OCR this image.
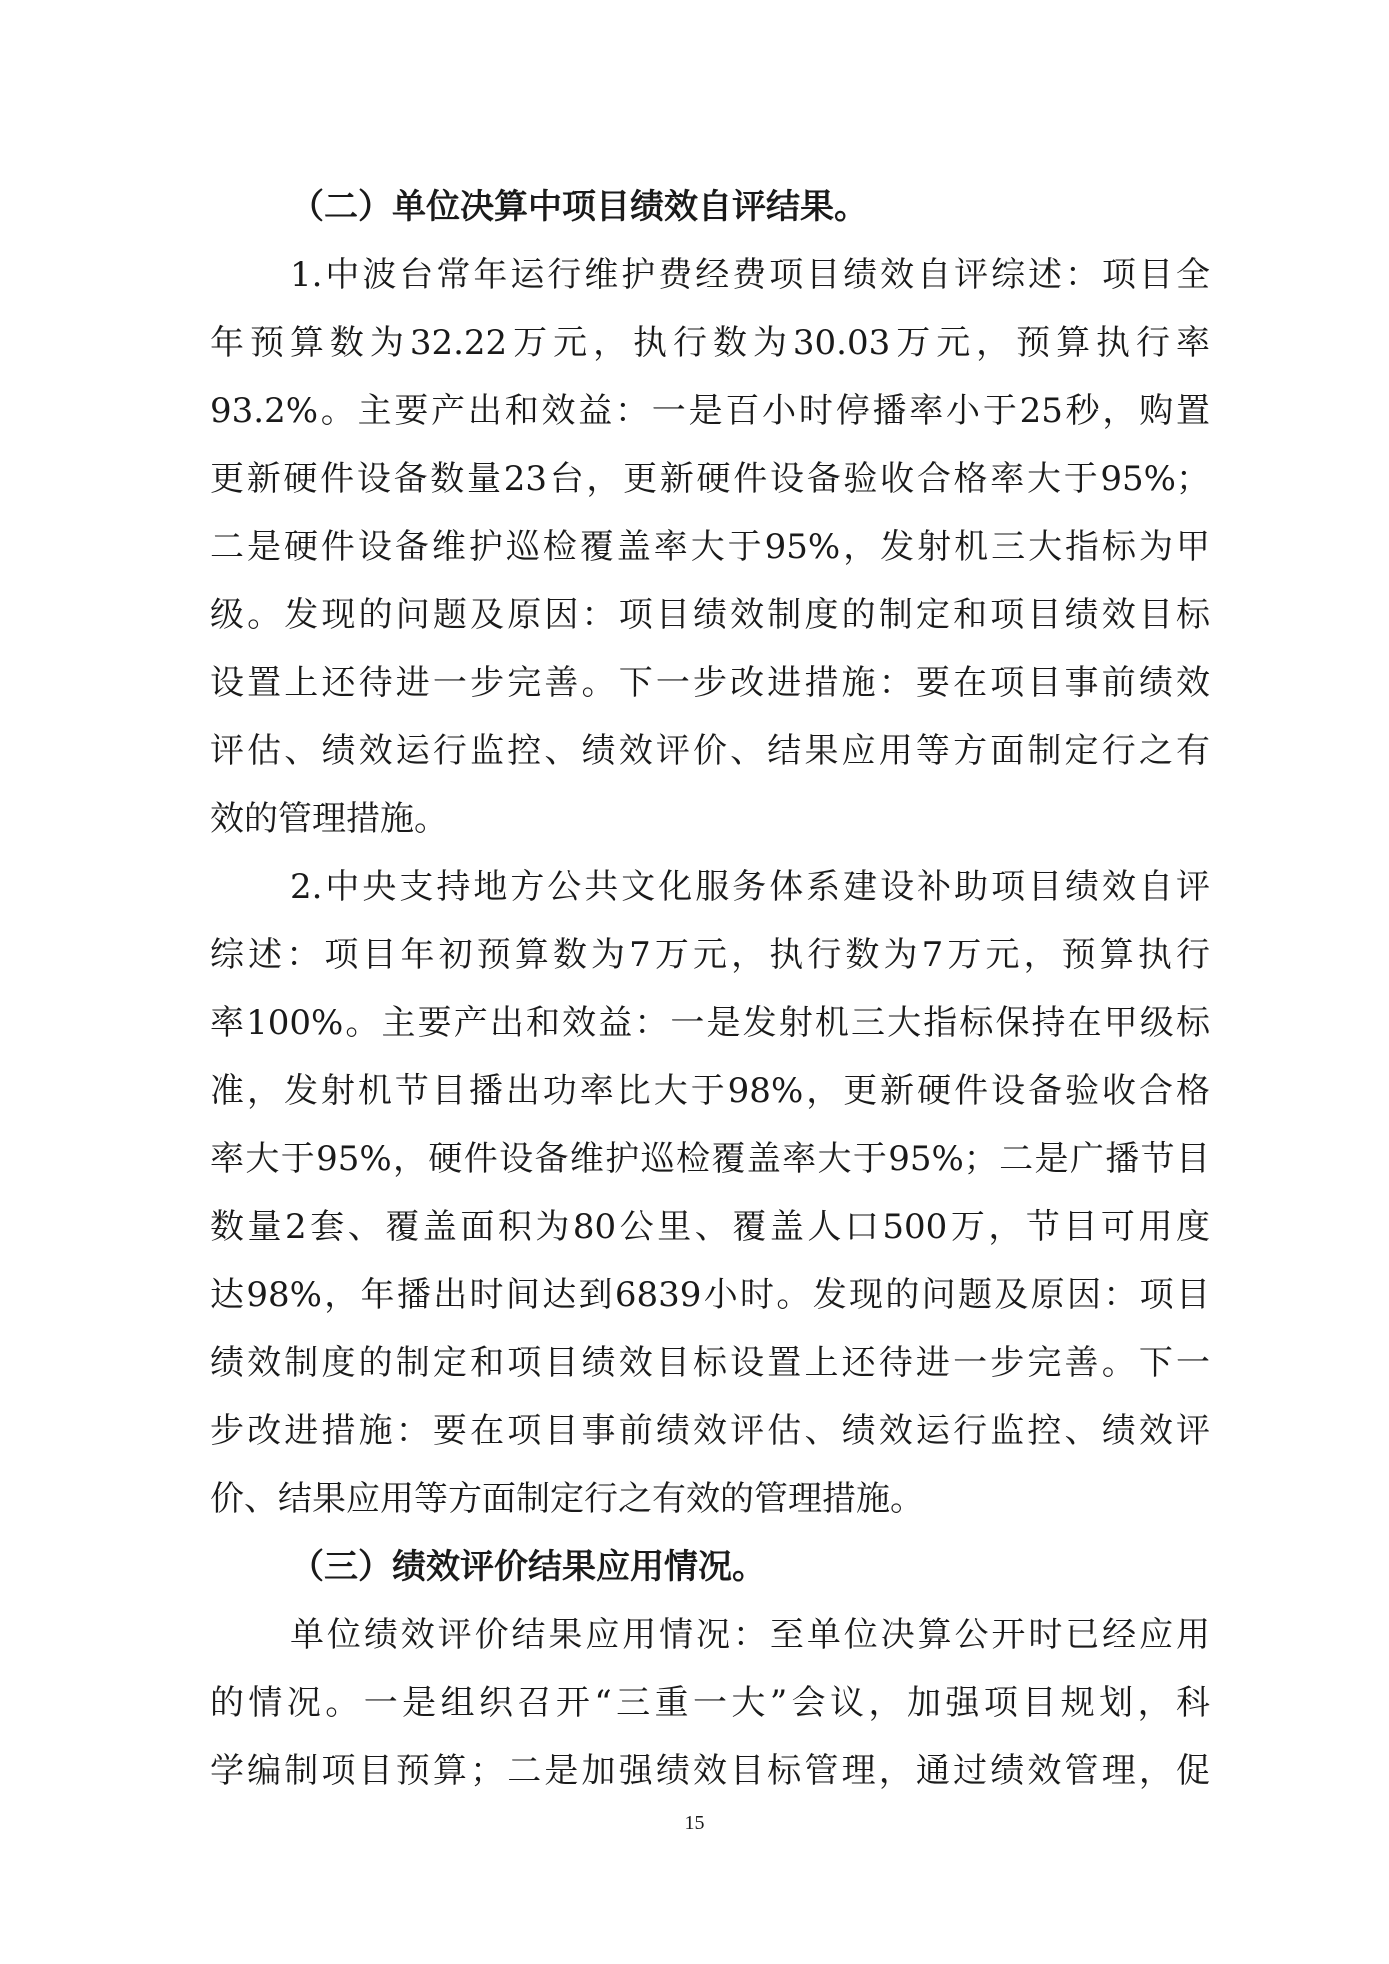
（二）单位决算中项目绩效自评结果。
1.中波台常年运行维护费经费项目绩效自评综述：项目全
年预算数为32.22万元，执行数为30.03万元，预算执行率
93.2%。主要产出和效益：一是百小时停播率小于25秒，购置
更新硬件设备数量23台，更新硬件设备验收合格率大于95%；
二是硬件设备维护巡检覆盖率大于95%，发射机三大指标为甲
级。发现的问题及原因：项目绩效制度的制定和项目绩效目标
设置上还待进一步完善。下一步改进措施：要在项目事前绩效
评估、绩效运行监控、绩效评价、结果应用等方面制定行之有
效的管理措施。
2.中央支持地方公共文化服务体系建设补助项目绩效自评
综述：项目年初预算数为7万元，执行数为7万元，预算执行
率100%。主要产出和效益：一是发射机三大指标保持在甲级标
准，发射机节目播出功率比大于98%，更新硬件设备验收合格
率大于95%，硬件设备维护巡检覆盖率大于95%；二是广播节目
数量2套、覆盖面积为80公里、覆盖人口500万，节目可用度
达98%，年播出时间达到6839小时。发现的问题及原因：项目
绩效制度的制定和项目绩效目标设置上还待进一步完善。下一
步改进措施：要在项目事前绩效评估、绩效运行监控、绩效评
价、结果应用等方面制定行之有效的管理措施。
（三）绩效评价结果应用情况。
单位绩效评价结果应用情况：至单位决算公开时已经应用
的情况。一是组织召开“三重一大”会议，加强项目规划，科
学编制项目预算；二是加强绩效目标管理，通过绩效管理，促
15
